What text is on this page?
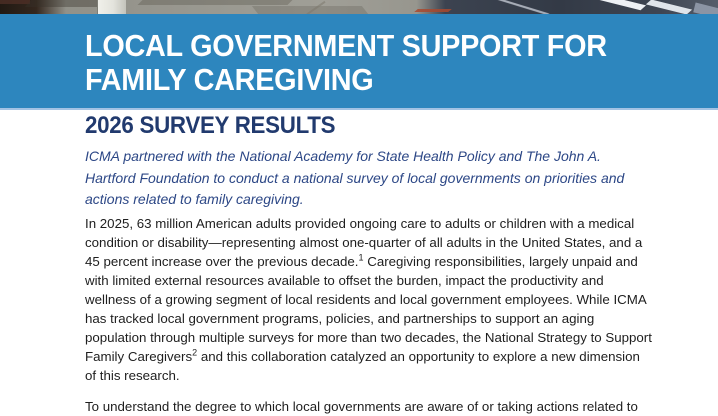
LOCAL GOVERNMENT SUPPORT FOR
FAMILY CAREGIVING
2026 SURVEY RESULTS

ICMA partnered with the National Academy for State Health Policy and The John A. Hartford Foundation to conduct a national survey of local governments on priorities and actions related to family caregiving.

In 2025, 63 million American adults provided ongoing care to adults or children with a medical condition or disability—representing almost one-quarter of all adults in the United States, and a 45 percent increase over the previous decade.$^1$ Caregiving responsibilities, largely unpaid and with limited external resources available to offset the burden, impact the productivity and wellness of a growing segment of local residents and local government employees. While ICMA has tracked local government programs, policies, and partnerships to support an aging population through multiple surveys for more than two decades, the National Strategy to Support Family Caregivers$^2$ and this collaboration catalyzed an opportunity to explore a new dimension of this research.

To understand the degree to which local governments are aware of or taking actions related to
